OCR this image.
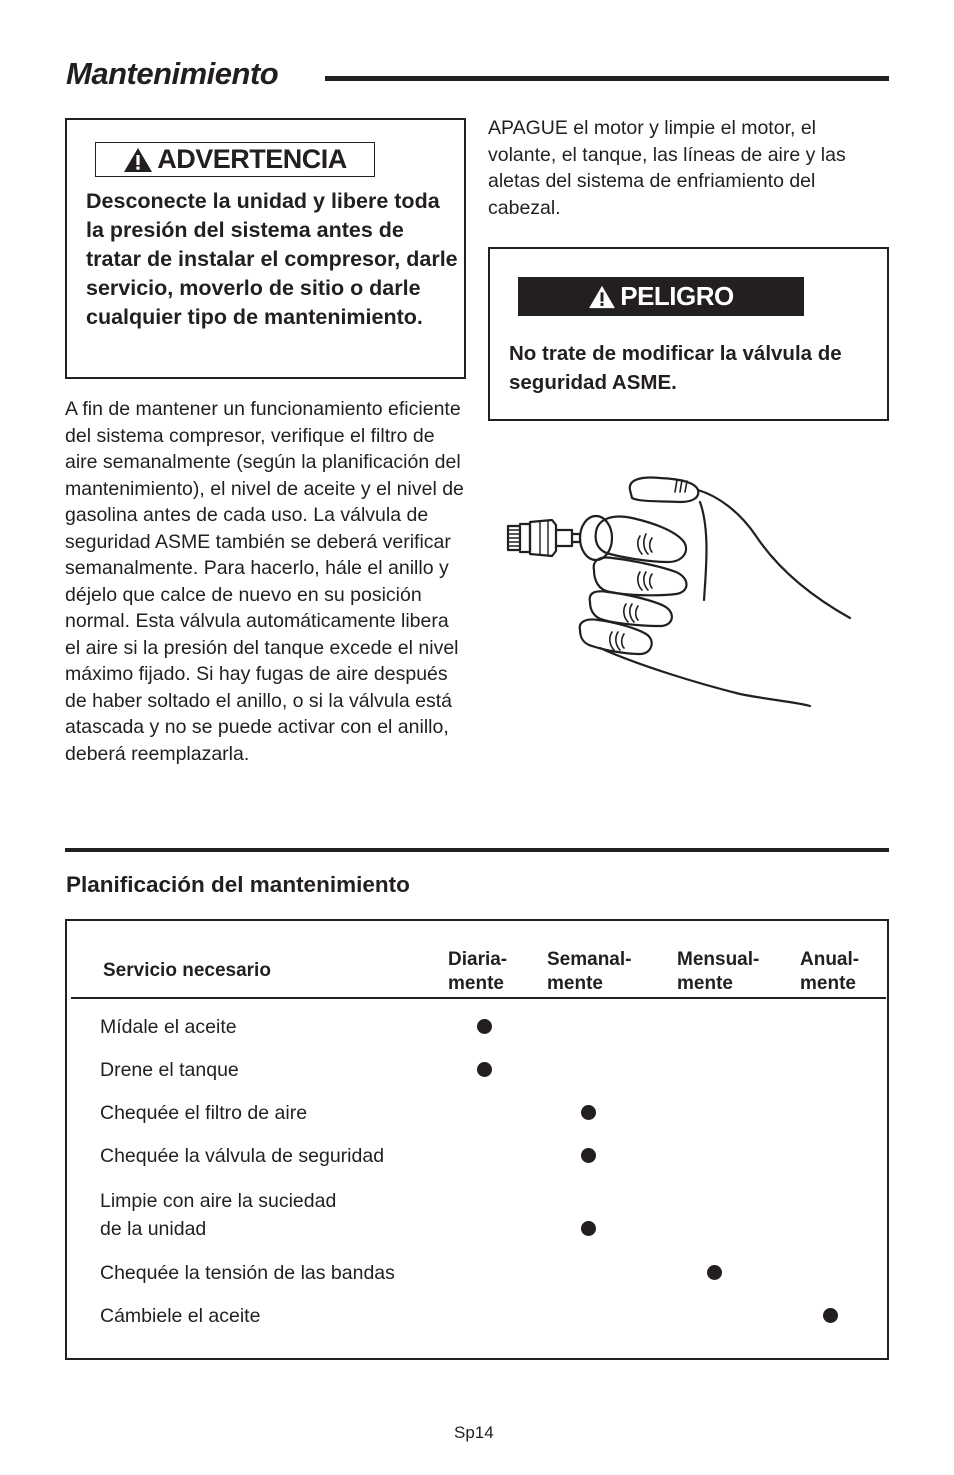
Mantenimiento
ADVERTENCIA

Desconecte la unidad y libere toda la presión del sistema antes de tratar de instalar el compresor, darle servicio, moverlo de sitio o darle cualquier tipo de mantenimiento.

A fin de mantener un funcionamiento eficiente del sistema compresor, verifique el filtro de aire semanalmente (según la planificación del mantenimiento), el nivel de aceite y el nivel de gasolina antes de cada uso. La válvula de seguridad ASME también se deberá verificar semanalmente. Para hacerlo, hále el anillo y déjelo que calce de nuevo en su posición normal. Esta válvula automáticamente libera el aire si la presión del tanque excede el nivel máximo fijado. Si hay fugas de aire después de haber soltado el anillo, o si la válvula está atascada y no se puede activar con el anillo, deberá reemplazarla.

APAGUE el motor y limpie el motor, el volante, el tanque, las líneas de aire y las aletas del sistema de enfriamiento del cabezal.

PELIGRO

No trate de modificar la válvula de seguridad ASME.

Planificación del mantenimiento
Servicio necesario
Diaria-
mente
Semanal-
mente
Mensual-
mente
Anual-
mente
Mídale el aceite
Drene el tanque
Chequée el filtro de aire
Chequée la válvula de seguridad
Limpie con aire la suciedad
de la unidad
Chequée la tensión de las bandas
Cámbiele el aceite
Sp14
